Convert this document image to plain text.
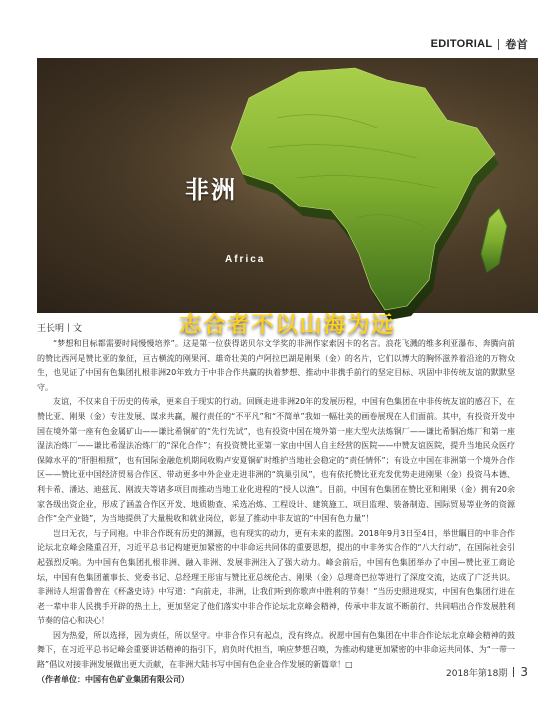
EDITORIAL 卷首
非洲
Africa
志合者不以山海为远
王长明丨文

“梦想和目标都需要时间慢慢培养”。这是第一位获得诺贝尔文学奖的非洲作家索因卡的名言。浪花飞溅的维多利亚瀑布、奔腾向前的赞比西河是赞比亚的象征，亘古横流的刚果河、雄奇壮美的卢阿拉巴湖是刚果（金）的名片，它们以博大的胸怀滋养着沿途的万物众生，也见证了中国有色集团扎根非洲20年致力于中非合作共赢的执着梦想、推动中非携手前行的坚定目标、巩固中非传统友谊的默默坚守。

友谊，不仅来自于历史的传承，更来自于现实的行动。回顾走进非洲20年的发展历程，中国有色集团在中非传统友谊的感召下，在赞比亚、刚果（金）专注发展、谋求共赢，履行责任的“不平凡”和“不简单”我如一幅壮美的画卷展现在人们面前。其中，有投资开发中国在境外第一座有色金属矿山——谦比希铜矿的“先行先试”，也有投资中国在境外第一座大型火法炼铜厂——谦比希铜冶炼厂和第一座湿法冶炼厂——谦比希湿法冶炼厂的“深化合作”；有投资赞比亚第一家由中国人自主经营的医院——中赞友谊医院，提升当地民众医疗保障水平的“肝胆相照”，也有国际金融危机期间收购卢安夏铜矿时维护当地社会稳定的“责任情怀”；有设立中国在非洲第一个境外合作区——赞比亚中国经济贸易合作区、带动更多中外企业走进非洲的“筑巢引凤”，也有依托赞比亚充发优势走进刚果（金）投资马本德、利卡希、潘达、迪兹瓦、刚波夫等诸多项目而推动当地工业化进程的“授人以渔”。目前，中国有色集团在赞比亚和刚果（金）拥有20余家各级出资企业，形成了涵盖合作区开发、地质勘查、采选冶炼、工程设计、建筑施工、项目监理、装备制造、国际贸易等业务的资源合作“全产业链”，为当地提供了大量税收和就业岗位，彰显了推动中非友谊的“中国有色力量”！

岂曰无衣，与子同袍。中非合作既有历史的渊源，也有现实的动力，更有未来的蓝图。2018年9月3日至4日，举世瞩目的中非合作论坛北京峰会隆重召开，习近平总书记构建更加紧密的中非命运共同体的重要思想，提出的中非务实合作的“八大行动”，在国际社会引起强烈反响。为中国有色集团扎根非洲、融入非洲、发展非洲注入了强大动力。峰会前后，中国有色集团举办了中国—赞比亚工商论坛，中国有色集团董事长、党委书记、总经理王彤宙与赞比亚总统伦古、刚果（金）总理奇巴拉等进行了深度交流，达成了广泛共识。非洲诗人坦雷鲁曾在《杯盏史诗》中写道：“向前走，非洲，让我们听到你歌声中胜利的节奏！”当历史照进现实，中国有色集团行进在老一辈中非人民携手开辟的热土上，更加坚定了他们落实中非合作论坛北京峰会精神，传承中非友谊不断前行、共同唱出合作发展胜利节奏的信心和决心！

因为热爱，所以选择，因为责任，所以坚守。中非合作只有起点，没有终点。祝愿中国有色集团在中非合作论坛北京峰会精神的鼓舞下，在习近平总书记峰会重要讲话精神的指引下，肩负时代担当，响应梦想召唤，为推动构建更加紧密的中非命运共同体、为“一带一路”倡议对接非洲发展做出更大贡献，在非洲大陆书写中国有色企业合作发展的新篇章！□

（作者单位：中国有色矿业集团有限公司）

2018年第18期 3
